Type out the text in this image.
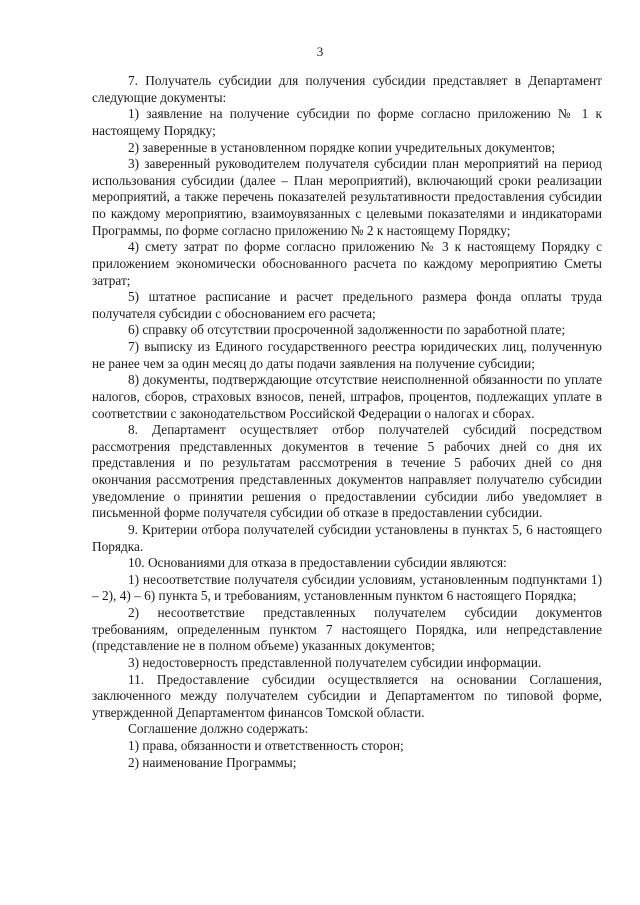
3

7. Получатель субсидии для получения субсидии представляет в Департамент следующие документы:

1) заявление на получение субсидии по форме согласно приложению № 1 к настоящему Порядку;

2) заверенные в установленном порядке копии учредительных документов;

3) заверенный руководителем получателя субсидии план мероприятий на период использования субсидии (далее – План мероприятий), включающий сроки реализации мероприятий, а также перечень показателей результативности предоставления субсидии по каждому мероприятию, взаимоувязанных с целевыми показателями и индикаторами Программы, по форме согласно приложению № 2 к настоящему Порядку;

4) смету затрат по форме согласно приложению № 3 к настоящему Порядку с приложением экономически обоснованного расчета по каждому мероприятию Сметы затрат;

5) штатное расписание и расчет предельного размера фонда оплаты труда получателя субсидии с обоснованием его расчета;

6) справку об отсутствии просроченной задолженности по заработной плате;

7) выписку из Единого государственного реестра юридических лиц, полученную не ранее чем за один месяц до даты подачи заявления на получение субсидии;

8) документы, подтверждающие отсутствие неисполненной обязанности по уплате налогов, сборов, страховых взносов, пеней, штрафов, процентов, подлежащих уплате в соответствии с законодательством Российской Федерации о налогах и сборах.

8. Департамент осуществляет отбор получателей субсидий посредством рассмотрения представленных документов в течение 5 рабочих дней со дня их представления и по результатам рассмотрения в течение 5 рабочих дней со дня окончания рассмотрения представленных документов направляет получателю субсидии уведомление о принятии решения о предоставлении субсидии либо уведомляет в письменной форме получателя субсидии об отказе в предоставлении субсидии.

9. Критерии отбора получателей субсидии установлены в пунктах 5, 6 настоящего Порядка.

10. Основаниями для отказа в предоставлении субсидии являются:

1) несоответствие получателя субсидии условиям, установленным подпунктами 1) – 2), 4) – 6) пункта 5, и требованиям, установленным пунктом 6 настоящего Порядка;

2) несоответствие представленных получателем субсидии документов требованиям, определенным пунктом 7 настоящего Порядка, или непредставление (представление не в полном объеме) указанных документов;

3) недостоверность представленной получателем субсидии информации.

11. Предоставление субсидии осуществляется на основании Соглашения, заключенного между получателем субсидии и Департаментом по типовой форме, утвержденной Департаментом финансов Томской области.

Соглашение должно содержать:

1) права, обязанности и ответственность сторон;

2) наименование Программы;
